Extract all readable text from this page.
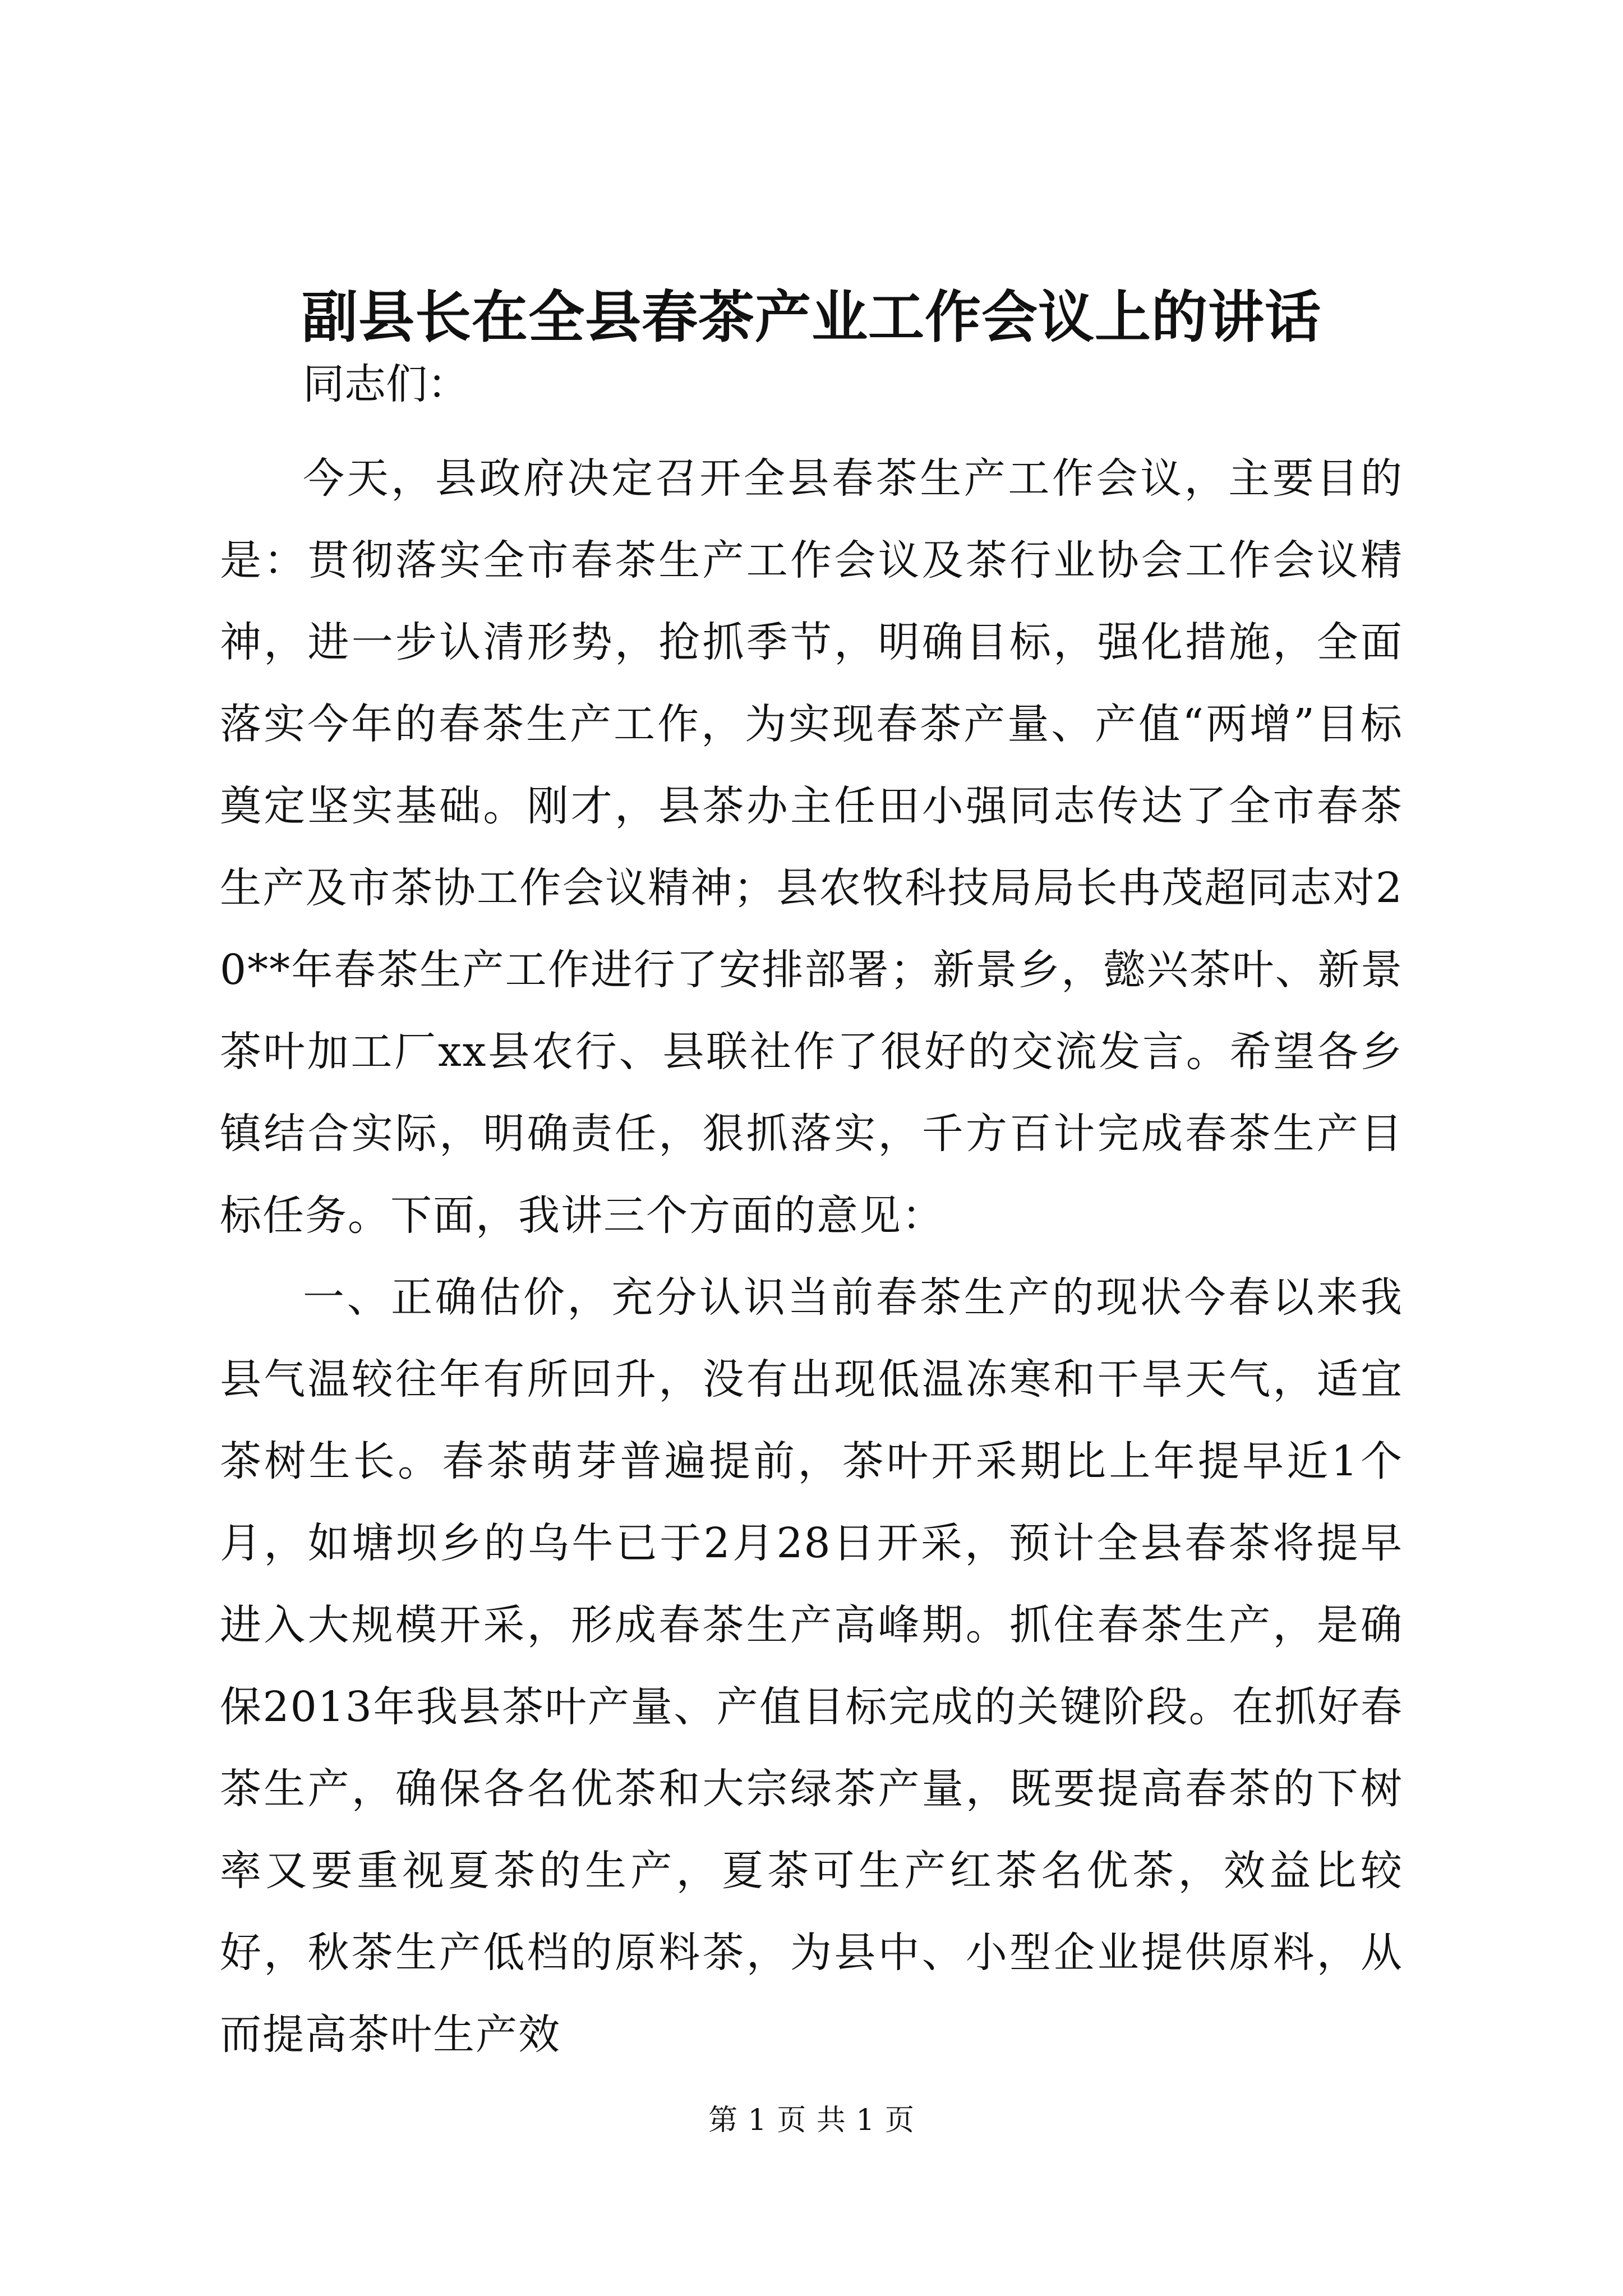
副县长在全县春茶产业工作会议上的讲话

同志们：

今天，县政府决定召开全县春茶生产工作会议，主要目的是：贯彻落实全市春茶生产工作会议及茶行业协会工作会议精神，进一步认清形势，抢抓季节，明确目标，强化措施，全面落实今年的春茶生产工作，为实现春茶产量、产值“两增”目标奠定坚实基础。刚才，县茶办主任田小强同志传达了全市春茶生产及市茶协工作会议精神；县农牧科技局局长冉茂超同志对20**年春茶生产工作进行了安排部署；新景乡，懿兴茶叶、新景茶叶加工厂xx县农行、县联社作了很好的交流发言。希望各乡镇结合实际，明确责任，狠抓落实，千方百计完成春茶生产目标任务。下面，我讲三个方面的意见：

一、正确估价，充分认识当前春茶生产的现状今春以来我县气温较往年有所回升，没有出现低温冻寒和干旱天气，适宜茶树生长。春茶萌芽普遍提前，茶叶开采期比上年提早近1个月，如塘坝乡的乌牛已于2月28日开采，预计全县春茶将提早进入大规模开采，形成春茶生产高峰期。抓住春茶生产，是确保2013年我县茶叶产量、产值目标完成的关键阶段。在抓好春茶生产，确保各名优茶和大宗绿茶产量，既要提高春茶的下树率又要重视夏茶的生产，夏茶可生产红茶名优茶，效益比较好，秋茶生产低档的原料茶，为县中、小型企业提供原料，从而提高茶叶生产效

第 1 页 共 1 页
